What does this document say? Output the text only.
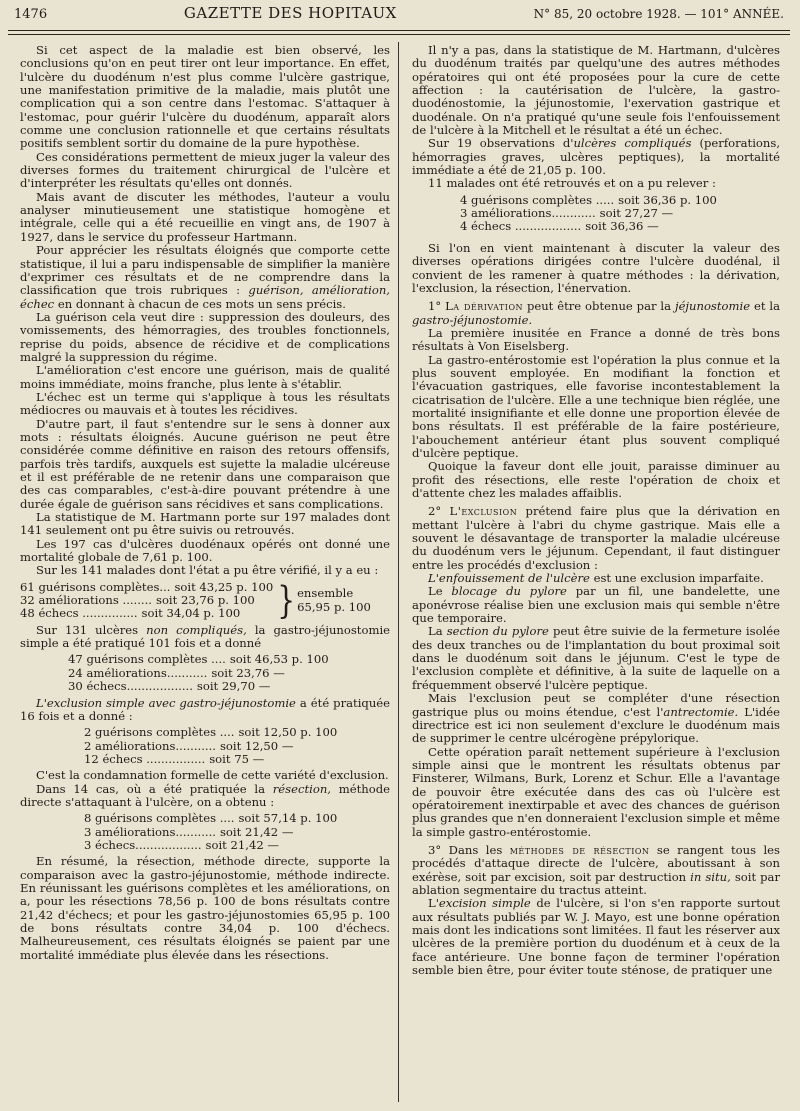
1476	GAZETTE DES HOPITAUX	N° 85, 20 octobre 1928. — 101° ANNÉE.

Si cet aspect de la maladie est bien observé, les conclusions qu'on en peut tirer ont leur importance. En effet, l'ulcère du duodénum n'est plus comme l'ulcère gastrique, une manifestation primitive de la maladie, mais plutôt une complication qui a son centre dans l'estomac. S'attaquer à l'estomac, pour guérir l'ulcère du duodénum, apparaît alors comme une conclusion rationnelle et que certains résultats positifs semblent sortir du domaine de la pure hypothèse.

Ces considérations permettent de mieux juger la valeur des diverses formes du traitement chirurgical de l'ulcère et d'interpréter les résultats qu'elles ont donnés.

Mais avant de discuter les méthodes, l'auteur a voulu analyser minutieusement une statistique homogène et intégrale, celle qui a été recueillie en vingt ans, de 1907 à 1927, dans le service du professeur Hartmann.

Pour apprécier les résultats éloignés que comporte cette statistique, il lui a paru indispensable de simplifier la manière d'exprimer ces résultats et de ne comprendre dans la classification que trois rubriques : guérison, amélioration, échec en donnant à chacun de ces mots un sens précis.

La guérison cela veut dire : suppression des douleurs, des vomissements, des hémorragies, des troubles fonctionnels, reprise du poids, absence de récidive et de complications malgré la suppression du régime.

L'amélioration c'est encore une guérison, mais de qualité moins immédiate, moins franche, plus lente à s'établir.

L'échec est un terme qui s'applique à tous les résultats médiocres ou mauvais et à toutes les récidives.

D'autre part, il faut s'entendre sur le sens à donner aux mots : résultats éloignés. Aucune guérison ne peut être considérée comme définitive en raison des retours offensifs, parfois très tardifs, auxquels est sujette la maladie ulcéreuse et il est préférable de ne retenir dans une comparaison que des cas comparables, c'est-à-dire pouvant prétendre à une durée égale de guérison sans récidives et sans complications.

La statistique de M. Hartmann porte sur 197 malades dont 141 seulement ont pu être suivis ou retrouvés.

Les 197 cas d'ulcères duodénaux opérés ont donné une mortalité globale de 7,61 p. 100.

Sur les 141 malades dont l'état a pu être vérifié, il y a eu :

61 guérisons complètes... soit 43,25 p. 100
32 améliorations ........ soit 23,76 p. 100
48 échecs ............... soit 34,04 p. 100 } ensemble
65,95 p. 100

Sur 131 ulcères non compliqués, la gastro-jéjunostomie simple a été pratiqué 101 fois et a donné

47 guérisons complètes .... soit 46,53 p. 100
24 améliorations........... soit 23,76 —
30 échecs.................. soit 29,70 —

L'exclusion simple avec gastro-jéjunostomie a été pratiquée 16 fois et a donné :

2 guérisons complètes .... soit 12,50 p. 100
2 améliorations........... soit 12,50 —
12 échecs ................ soit 75 —

C'est la condamnation formelle de cette variété d'exclusion.

Dans 14 cas, où a été pratiquée la résection, méthode directe s'attaquant à l'ulcère, on a obtenu :

8 guérisons complètes .... soit 57,14 p. 100
3 améliorations........... soit 21,42 —
3 échecs.................. soit 21,42 —

En résumé, la résection, méthode directe, supporte la comparaison avec la gastro-jéjunostomie, méthode indirecte. En réunissant les guérisons complètes et les améliorations, on a, pour les résections 78,56 p. 100 de bons résultats contre 21,42 d'échecs; et pour les gastro-jéjunostomies 65,95 p. 100 de bons résultats contre 34,04 p. 100 d'échecs. Malheureusement, ces résultats éloignés se paient par une mortalité immédiate plus élevée dans les résections.

Il n'y a pas, dans la statistique de M. Hartmann, d'ulcères du duodénum traités par quelqu'une des autres méthodes opératoires qui ont été proposées pour la cure de cette affection : la cautérisation de l'ulcère, la gastro-duodénostomie, la jéjunostomie, l'exervation gastrique et duodénale. On n'a pratiqué qu'une seule fois l'enfouissement de l'ulcère à la Mitchell et le résultat a été un échec.

Sur 19 observations d'ulcères compliqués (perforations, hémorragies graves, ulcères peptiques), la mortalité immédiate a été de 21,05 p. 100.

11 malades ont été retrouvés et on a pu relever :

4 guérisons complètes ..... soit 36,36 p. 100
3 améliorations............ soit 27,27 —
4 échecs .................. soit 36,36 —

Si l'on en vient maintenant à discuter la valeur des diverses opérations dirigées contre l'ulcère duodénal, il convient de les ramener à quatre méthodes : la dérivation, l'exclusion, la résection, l'énervation.

1° La dérivation peut être obtenue par la jéjunostomie et la gastro-jéjunostomie.

La première inusitée en France a donné de très bons résultats à Von Eiselsberg.

La gastro-entérostomie est l'opération la plus connue et la plus souvent employée. En modifiant la fonction et l'évacuation gastriques, elle favorise incontestablement la cicatrisation de l'ulcère. Elle a une technique bien réglée, une mortalité insignifiante et elle donne une proportion élevée de bons résultats. Il est préférable de la faire postérieure, l'abouchement antérieur étant plus souvent compliqué d'ulcère peptique.

Quoique la faveur dont elle jouit, paraisse diminuer au profit des résections, elle reste l'opération de choix et d'attente chez les malades affaiblis.

2° L'exclusion prétend faire plus que la dérivation en mettant l'ulcère à l'abri du chyme gastrique. Mais elle a souvent le désavantage de transporter la maladie ulcéreuse du duodénum vers le jéjunum. Cependant, il faut distinguer entre les procédés d'exclusion :

L'enfouissement de l'ulcère est une exclusion imparfaite.

Le blocage du pylore par un fil, une bandelette, une aponévrose réalise bien une exclusion mais qui semble n'être que temporaire.

La section du pylore peut être suivie de la fermeture isolée des deux tranches ou de l'implantation du bout proximal soit dans le duodénum soit dans le jéjunum. C'est le type de l'exclusion complète et définitive, à la suite de laquelle on a fréquemment observé l'ulcère peptique.

Mais l'exclusion peut se compléter d'une résection gastrique plus ou moins étendue, c'est l'antrectomie. L'idée directrice est ici non seulement d'exclure le duodénum mais de supprimer le centre ulcérogène prépylorique.

Cette opération paraît nettement supérieure à l'exclusion simple ainsi que le montrent les résultats obtenus par Finsterer, Wilmans, Burk, Lorenz et Schur. Elle a l'avantage de pouvoir être exécutée dans des cas où l'ulcère est opératoirement inextirpable et avec des chances de guérison plus grandes que n'en donneraient l'exclusion simple et même la simple gastro-entérostomie.

3° Dans les méthodes de résection se rangent tous les procédés d'attaque directe de l'ulcère, aboutissant à son exérèse, soit par excision, soit par destruction in situ, soit par ablation segmentaire du tractus atteint.

L'excision simple de l'ulcère, si l'on s'en rapporte surtout aux résultats publiés par W. J. Mayo, est une bonne opération mais dont les indications sont limitées. Il faut les réserver aux ulcères de la première portion du duodénum et à ceux de la face antérieure. Une bonne façon de terminer l'opération semble bien être, pour éviter toute sténose, de pratiquer une
